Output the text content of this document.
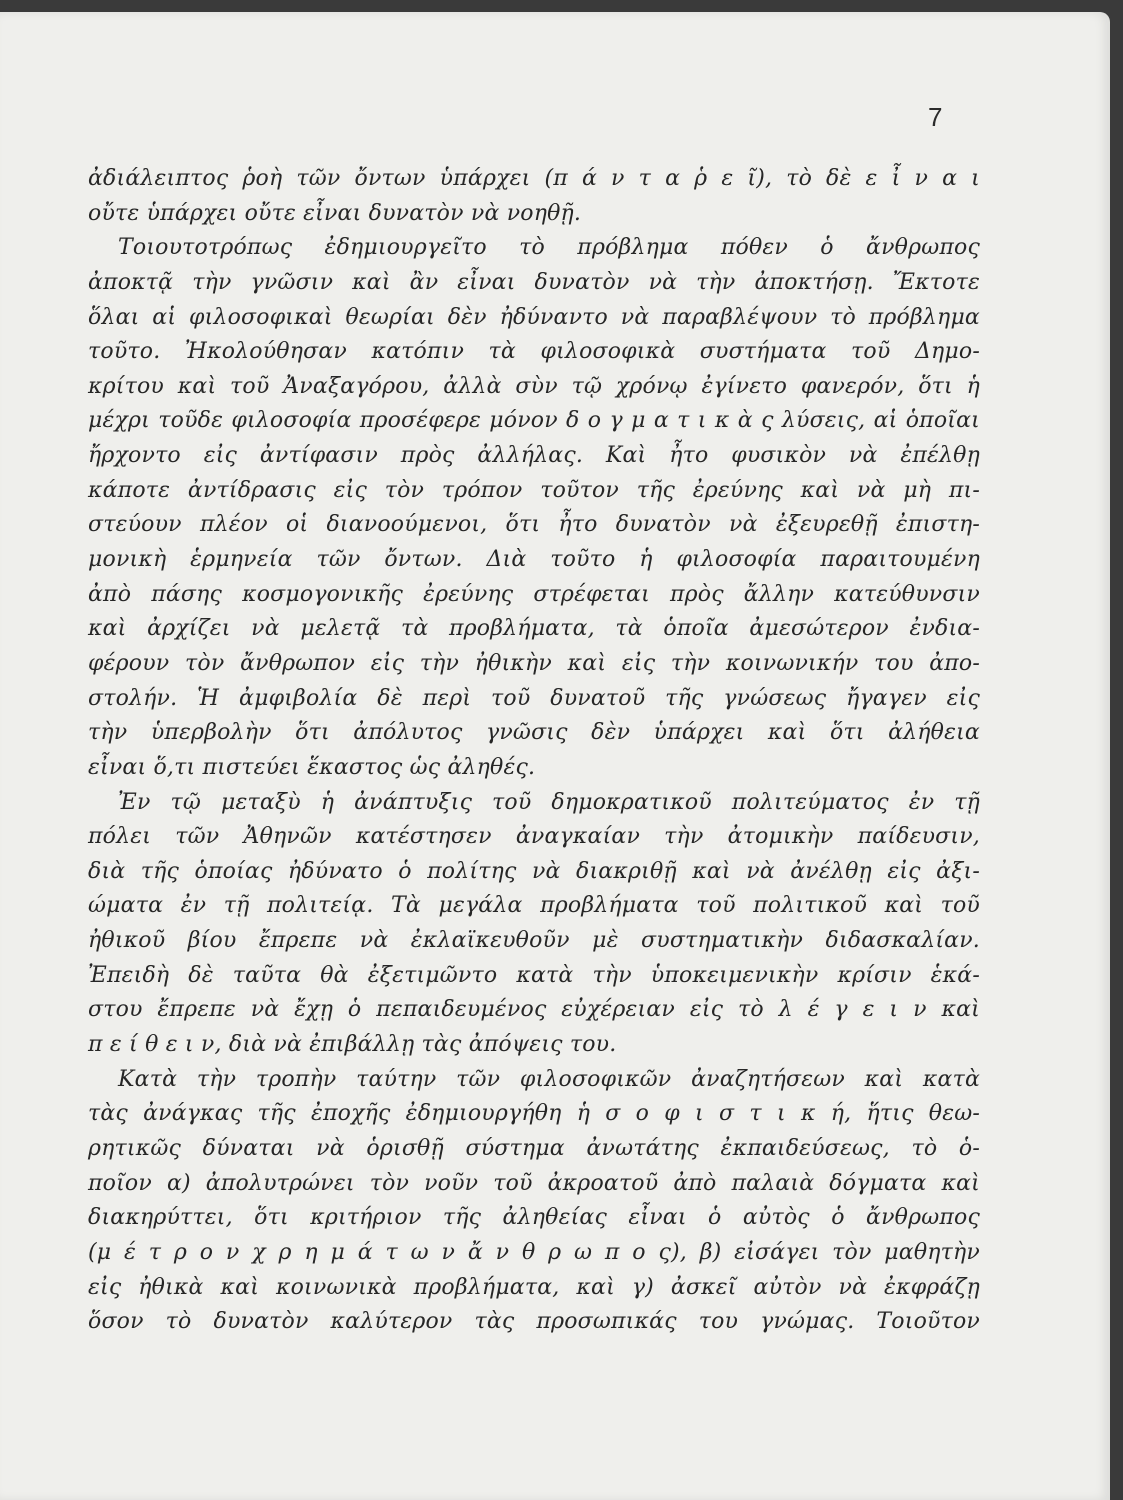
7
ἀδιάλειπτος ῥοὴ τῶν ὄντων ὑπάρχει (π ά ν τ α ῥ ε ῖ), τὸ δὲ ε ἶ ν α ι
οὔτε ὑπάρχει οὔτε εἶναι δυνατὸν νὰ νοηθῇ.
Τοιουτοτρόπως ἐδημιουργεῖτο τὸ πρόβλημα πόθεν ὁ ἄνθρωπος
ἀποκτᾷ τὴν γνῶσιν καὶ ἂν εἶναι δυνατὸν νὰ τὴν ἀποκτήσῃ. Ἔκτοτε
ὅλαι αἱ φιλοσοφικαὶ θεωρίαι δὲν ἠδύναντο νὰ παραβλέψουν τὸ πρόβλημα
τοῦτο. Ἠκολούθησαν κατόπιν τὰ φιλοσοφικὰ συστήματα τοῦ Δημο-
κρίτου καὶ τοῦ Ἀναξαγόρου, ἀλλὰ σὺν τῷ χρόνῳ ἐγίνετο φανερόν, ὅτι ἡ
μέχρι τοῦδε φιλοσοφία προσέφερε μόνον δ ο γ μ α τ ι κ ὰ ς λύσεις, αἱ ὁποῖαι
ἤρχοντο εἰς ἀντίφασιν πρὸς ἀλλήλας. Καὶ ἦτο φυσικὸν νὰ ἐπέλθῃ
κάποτε ἀντίδρασις εἰς τὸν τρόπον τοῦτον τῆς ἐρεύνης καὶ νὰ μὴ πι-
στεύουν πλέον οἱ διανοούμενοι, ὅτι ἦτο δυνατὸν νὰ ἐξευρεθῇ ἐπιστη-
μονικὴ ἑρμηνεία τῶν ὄντων. Διὰ τοῦτο ἡ φιλοσοφία παραιτουμένη
ἀπὸ πάσης κοσμογονικῆς ἐρεύνης στρέφεται πρὸς ἄλλην κατεύθυνσιν
καὶ ἀρχίζει νὰ μελετᾷ τὰ προβλήματα, τὰ ὁποῖα ἀμεσώτερον ἐνδια-
φέρουν τὸν ἄνθρωπον εἰς τὴν ἠθικὴν καὶ εἰς τὴν κοινωνικήν του ἀπο-
στολήν. Ἡ ἀμφιβολία δὲ περὶ τοῦ δυνατοῦ τῆς γνώσεως ἤγαγεν εἰς
τὴν ὑπερβολὴν ὅτι ἀπόλυτος γνῶσις δὲν ὑπάρχει καὶ ὅτι ἀλήθεια
εἶναι ὅ,τι πιστεύει ἕκαστος ὡς ἀληθές.
Ἐν τῷ μεταξὺ ἡ ἀνάπτυξις τοῦ δημοκρατικοῦ πολιτεύματος ἐν τῇ
πόλει τῶν Ἀθηνῶν κατέστησεν ἀναγκαίαν τὴν ἀτομικὴν παίδευσιν,
διὰ τῆς ὁποίας ἠδύνατο ὁ πολίτης νὰ διακριθῇ καὶ νὰ ἀνέλθῃ εἰς ἀξι-
ώματα ἐν τῇ πολιτείᾳ. Τὰ μεγάλα προβλήματα τοῦ πολιτικοῦ καὶ τοῦ
ἠθικοῦ βίου ἔπρεπε νὰ ἐκλαϊκευθοῦν μὲ συστηματικὴν διδασκαλίαν.
Ἐπειδὴ δὲ ταῦτα θὰ ἐξετιμῶντο κατὰ τὴν ὑποκειμενικὴν κρίσιν ἑκά-
στου ἔπρεπε νὰ ἔχῃ ὁ πεπαιδευμένος εὐχέρειαν εἰς τὸ λ έ γ ε ι ν καὶ
π ε ί θ ε ι ν, διὰ νὰ ἐπιβάλλῃ τὰς ἀπόψεις του.
Κατὰ τὴν τροπὴν ταύτην τῶν φιλοσοφικῶν ἀναζητήσεων καὶ κατὰ
τὰς ἀνάγκας τῆς ἐποχῆς ἐδημιουργήθη ἡ σ ο φ ι σ τ ι κ ή, ἥτις θεω-
ρητικῶς δύναται νὰ ὁρισθῇ σύστημα ἀνωτάτης ἐκπαιδεύσεως, τὸ ὁ-
ποῖον α) ἀπολυτρώνει τὸν νοῦν τοῦ ἀκροατοῦ ἀπὸ παλαιὰ δόγματα καὶ
διακηρύττει, ὅτι κριτήριον τῆς ἀληθείας εἶναι ὁ αὐτὸς ὁ ἄνθρωπος
(μ έ τ ρ ο ν χ ρ η μ ά τ ω ν ἄ ν θ ρ ω π ο ς), β) εἰσάγει τὸν μαθητὴν
εἰς ἠθικὰ καὶ κοινωνικὰ προβλήματα, καὶ γ) ἀσκεῖ αὐτὸν νὰ ἐκφράζῃ
ὅσον τὸ δυνατὸν καλύτερον τὰς προσωπικάς του γνώμας. Τοιοῦτον
